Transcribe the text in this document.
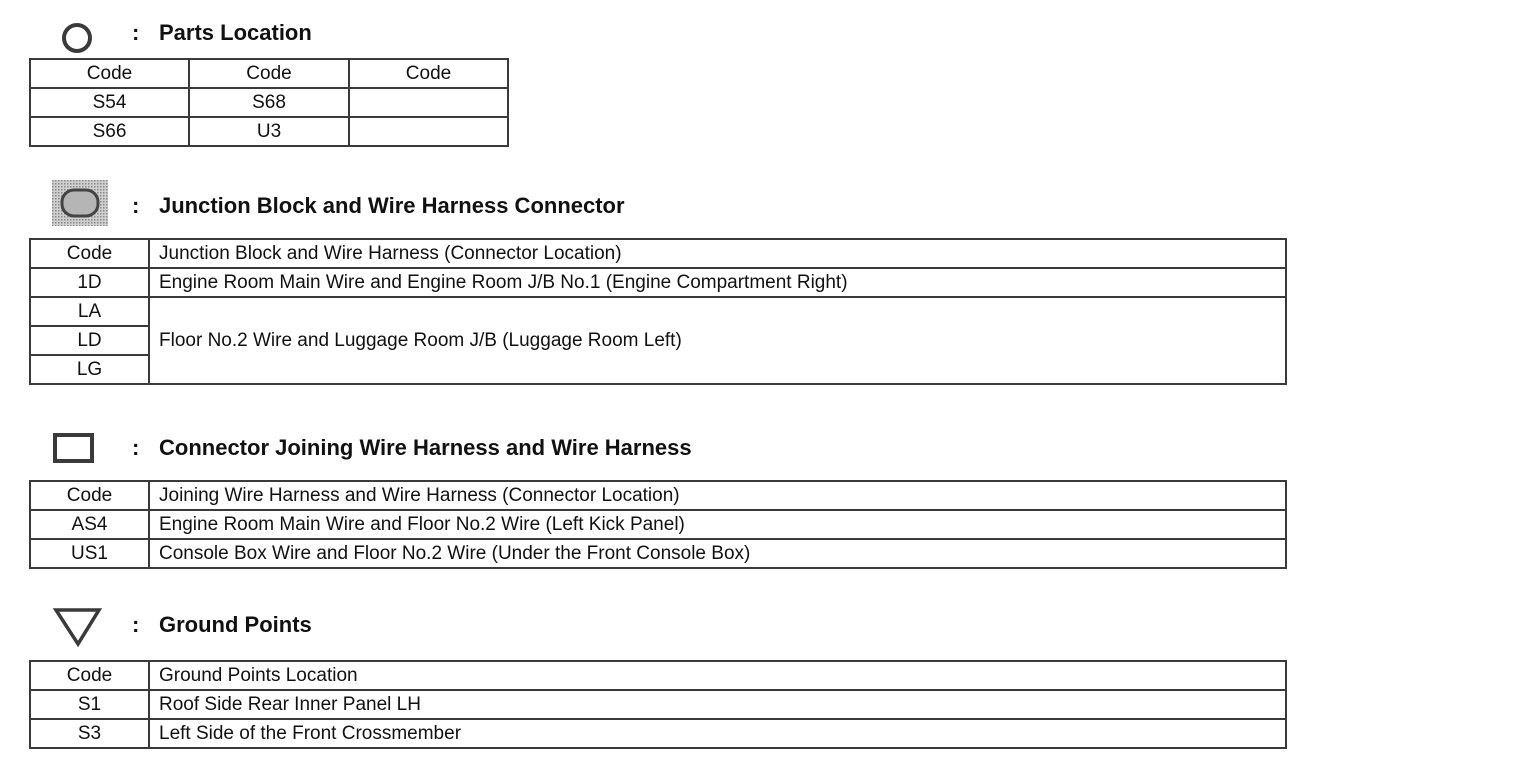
: Parts Location
Code	Code	Code
S54	S68	
S66	U3	
: Junction Block and Wire Harness Connector
Code	Junction Block and Wire Harness (Connector Location)
1D	Engine Room Main Wire and Engine Room J/B No.1 (Engine Compartment Right)
LA	Floor No.2 Wire and Luggage Room J/B (Luggage Room Left)
LD	
LG	
: Connector Joining Wire Harness and Wire Harness
Code	Joining Wire Harness and Wire Harness (Connector Location)
AS4	Engine Room Main Wire and Floor No.2 Wire (Left Kick Panel)
US1	Console Box Wire and Floor No.2 Wire (Under the Front Console Box)
: Ground Points
Code	Ground Points Location
S1	Roof Side Rear Inner Panel LH
S3	Left Side of the Front Crossmember
